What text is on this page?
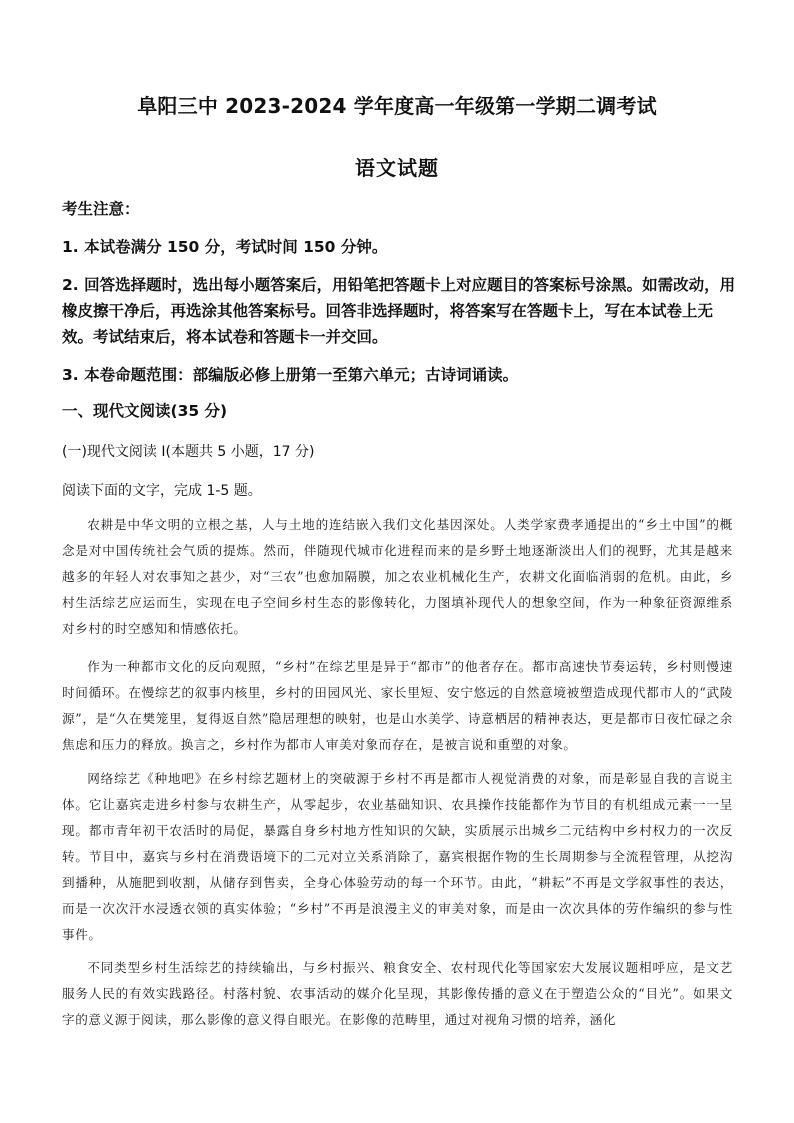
阜阳三中 2023-2024 学年度高一年级第一学期二调考试
语文试题

考生注意：

1. 本试卷满分 150 分，考试时间 150 分钟。

2. 回答选择题时，选出每小题答案后，用铅笔把答题卡上对应题目的答案标号涂黑。如需改动，用橡皮擦干净后，再选涂其他答案标号。回答非选择题时，将答案写在答题卡上，写在本试卷上无效。考试结束后，将本试卷和答题卡一并交回。

3. 本卷命题范围：部编版必修上册第一至第六单元；古诗词诵读。

一、现代文阅读(35 分)

(一)现代文阅读 I(本题共 5 小题，17 分)

阅读下面的文字，完成 1-5 题。

农耕是中华文明的立根之基，人与土地的连结嵌入我们文化基因深处。人类学家费孝通提出的“乡土中国”的概念是对中国传统社会气质的提炼。然而，伴随现代城市化进程而来的是乡野土地逐渐淡出人们的视野，尤其是越来越多的年轻人对农事知之甚少，对“三农”也愈加隔膜，加之农业机械化生产，农耕文化面临消弱的危机。由此，乡村生活综艺应运而生，实现在电子空间乡村生态的影像转化，力图填补现代人的想象空间，作为一种象征资源维系对乡村的时空感知和情感依托。

作为一种都市文化的反向观照，“乡村”在综艺里是异于“都市”的他者存在。都市高速快节奏运转，乡村则慢速时间循环。在慢综艺的叙事内核里，乡村的田园风光、家长里短、安宁悠远的自然意境被塑造成现代都市人的“武陵源”，是“久在樊笼里，复得返自然”隐居理想的映射，也是山水美学、诗意栖居的精神表达，更是都市日夜忙碌之余焦虑和压力的释放。换言之，乡村作为都市人审美对象而存在，是被言说和重塑的对象。

网络综艺《种地吧》在乡村综艺题材上的突破源于乡村不再是都市人视觉消费的对象，而是彰显自我的言说主体。它让嘉宾走进乡村参与农耕生产，从零起步，农业基础知识、农具操作技能都作为节目的有机组成元素一一呈现。都市青年初干农活时的局促，暴露自身乡村地方性知识的欠缺，实质展示出城乡二元结构中乡村权力的一次反转。节目中，嘉宾与乡村在消费语境下的二元对立关系消除了，嘉宾根据作物的生长周期参与全流程管理，从挖沟到播种，从施肥到收割，从储存到售卖，全身心体验劳动的每一个环节。由此，“耕耘”不再是文学叙事性的表达，而是一次次汗水浸透衣领的真实体验；“乡村”不再是浪漫主义的审美对象，而是由一次次具体的劳作编织的参与性事件。

不同类型乡村生活综艺的持续输出，与乡村振兴、粮食安全、农村现代化等国家宏大发展议题相呼应，是文艺服务人民的有效实践路径。村落村貌、农事活动的媒介化呈现，其影像传播的意义在于塑造公众的“目光”。如果文字的意义源于阅读，那么影像的意义得自眼光。在影像的范畴里，通过对视角习惯的培养，涵化
